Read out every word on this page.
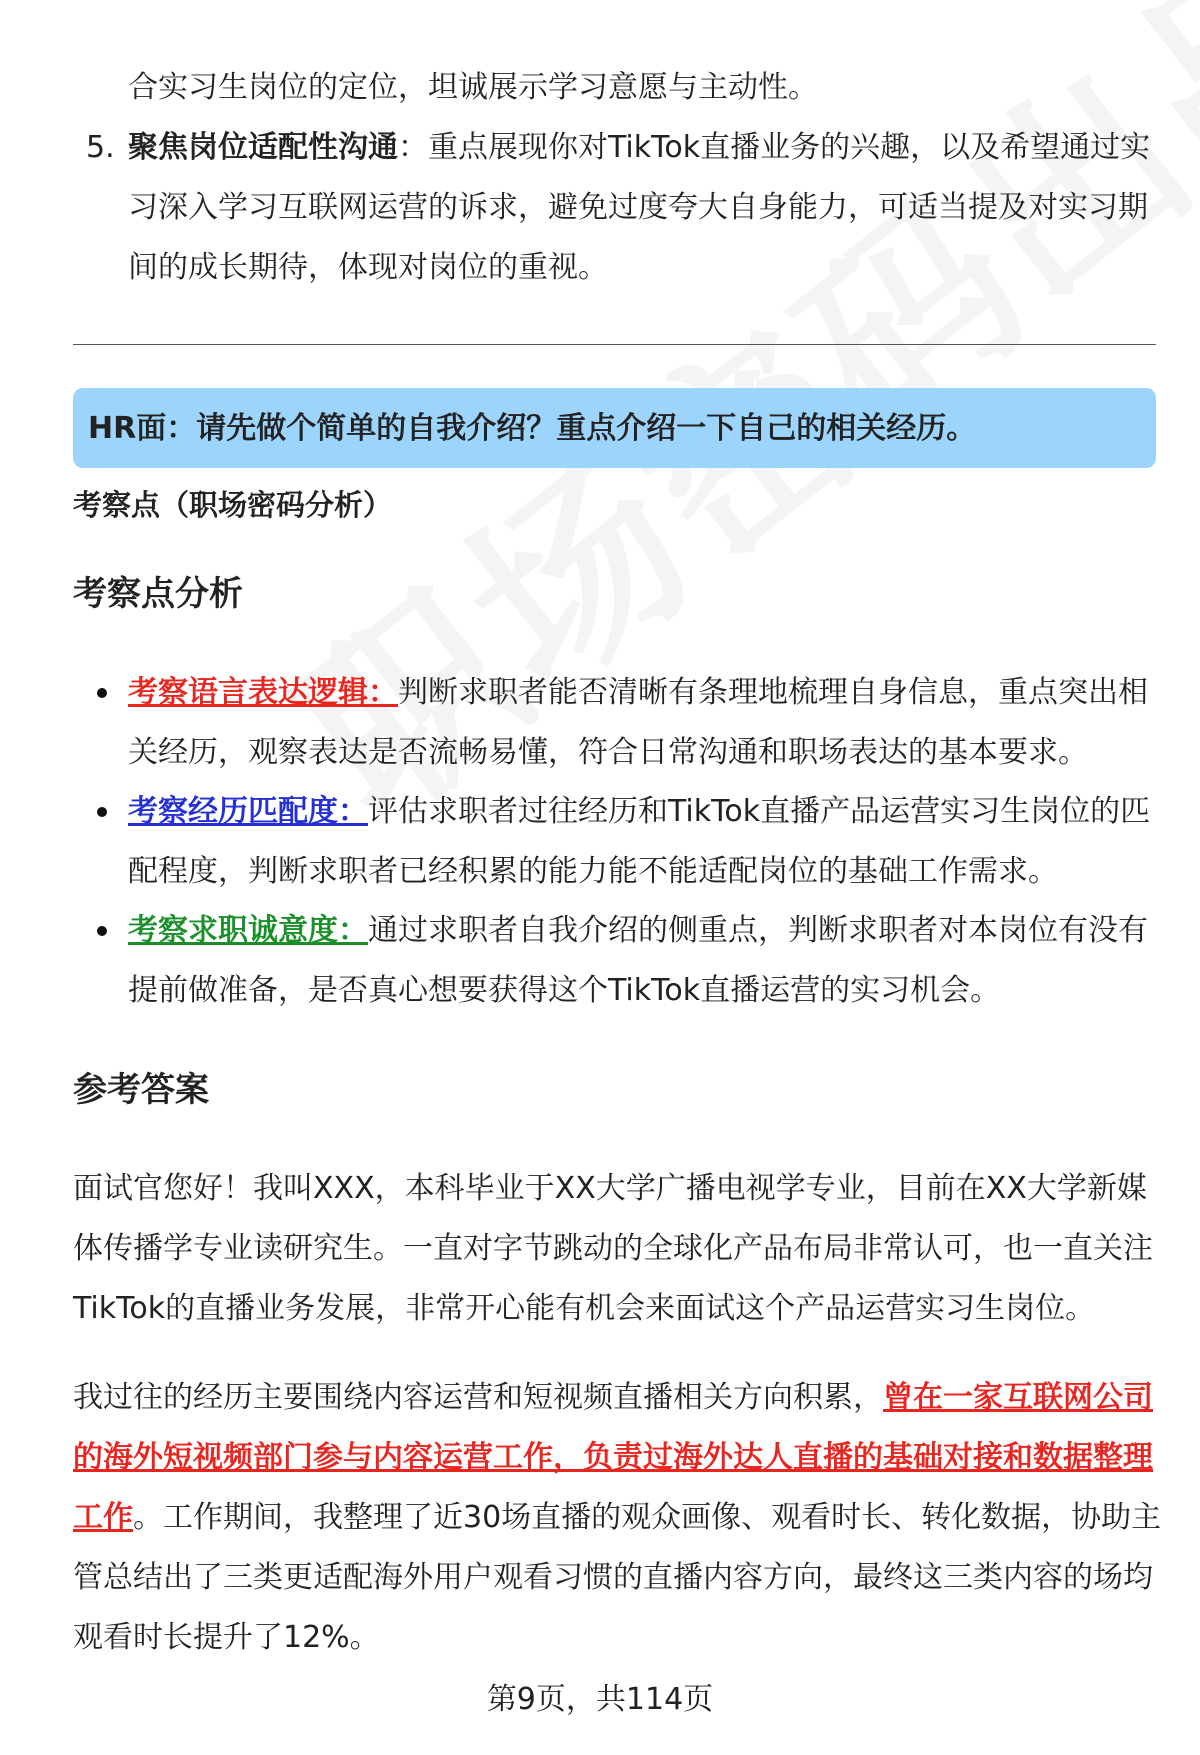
合实习生岗位的定位，坦诚展示学习意愿与主动性。
5. 聚焦岗位适配性沟通：重点展现你对TikTok直播业务的兴趣，以及希望通过实
习深入学习互联网运营的诉求，避免过度夸大自身能力，可适当提及对实习期
间的成长期待，体现对岗位的重视。
HR面：请先做个简单的自我介绍？重点介绍一下自己的相关经历。
考察点（职场密码分析）
考察点分析
考察语言表达逻辑：判断求职者能否清晰有条理地梳理自身信息，重点突出相
关经历，观察表达是否流畅易懂，符合日常沟通和职场表达的基本要求。
考察经历匹配度：评估求职者过往经历和TikTok直播产品运营实习生岗位的匹
配程度，判断求职者已经积累的能力能不能适配岗位的基础工作需求。
考察求职诚意度：通过求职者自我介绍的侧重点，判断求职者对本岗位有没有
提前做准备，是否真心想要获得这个TikTok直播运营的实习机会。
参考答案
面试官您好！我叫XXX，本科毕业于XX大学广播电视学专业，目前在XX大学新媒
体传播学专业读研究生。一直对字节跳动的全球化产品布局非常认可，也一直关注
TikTok的直播业务发展，非常开心能有机会来面试这个产品运营实习生岗位。
我过往的经历主要围绕内容运营和短视频直播相关方向积累，曾在一家互联网公司
的海外短视频部门参与内容运营工作，负责过海外达人直播的基础对接和数据整理
工作。工作期间，我整理了近30场直播的观众画像、观看时长、转化数据，协助主
管总结出了三类更适配海外用户观看习惯的直播内容方向，最终这三类内容的场均
观看时长提升了12%。
第9页，共114页
